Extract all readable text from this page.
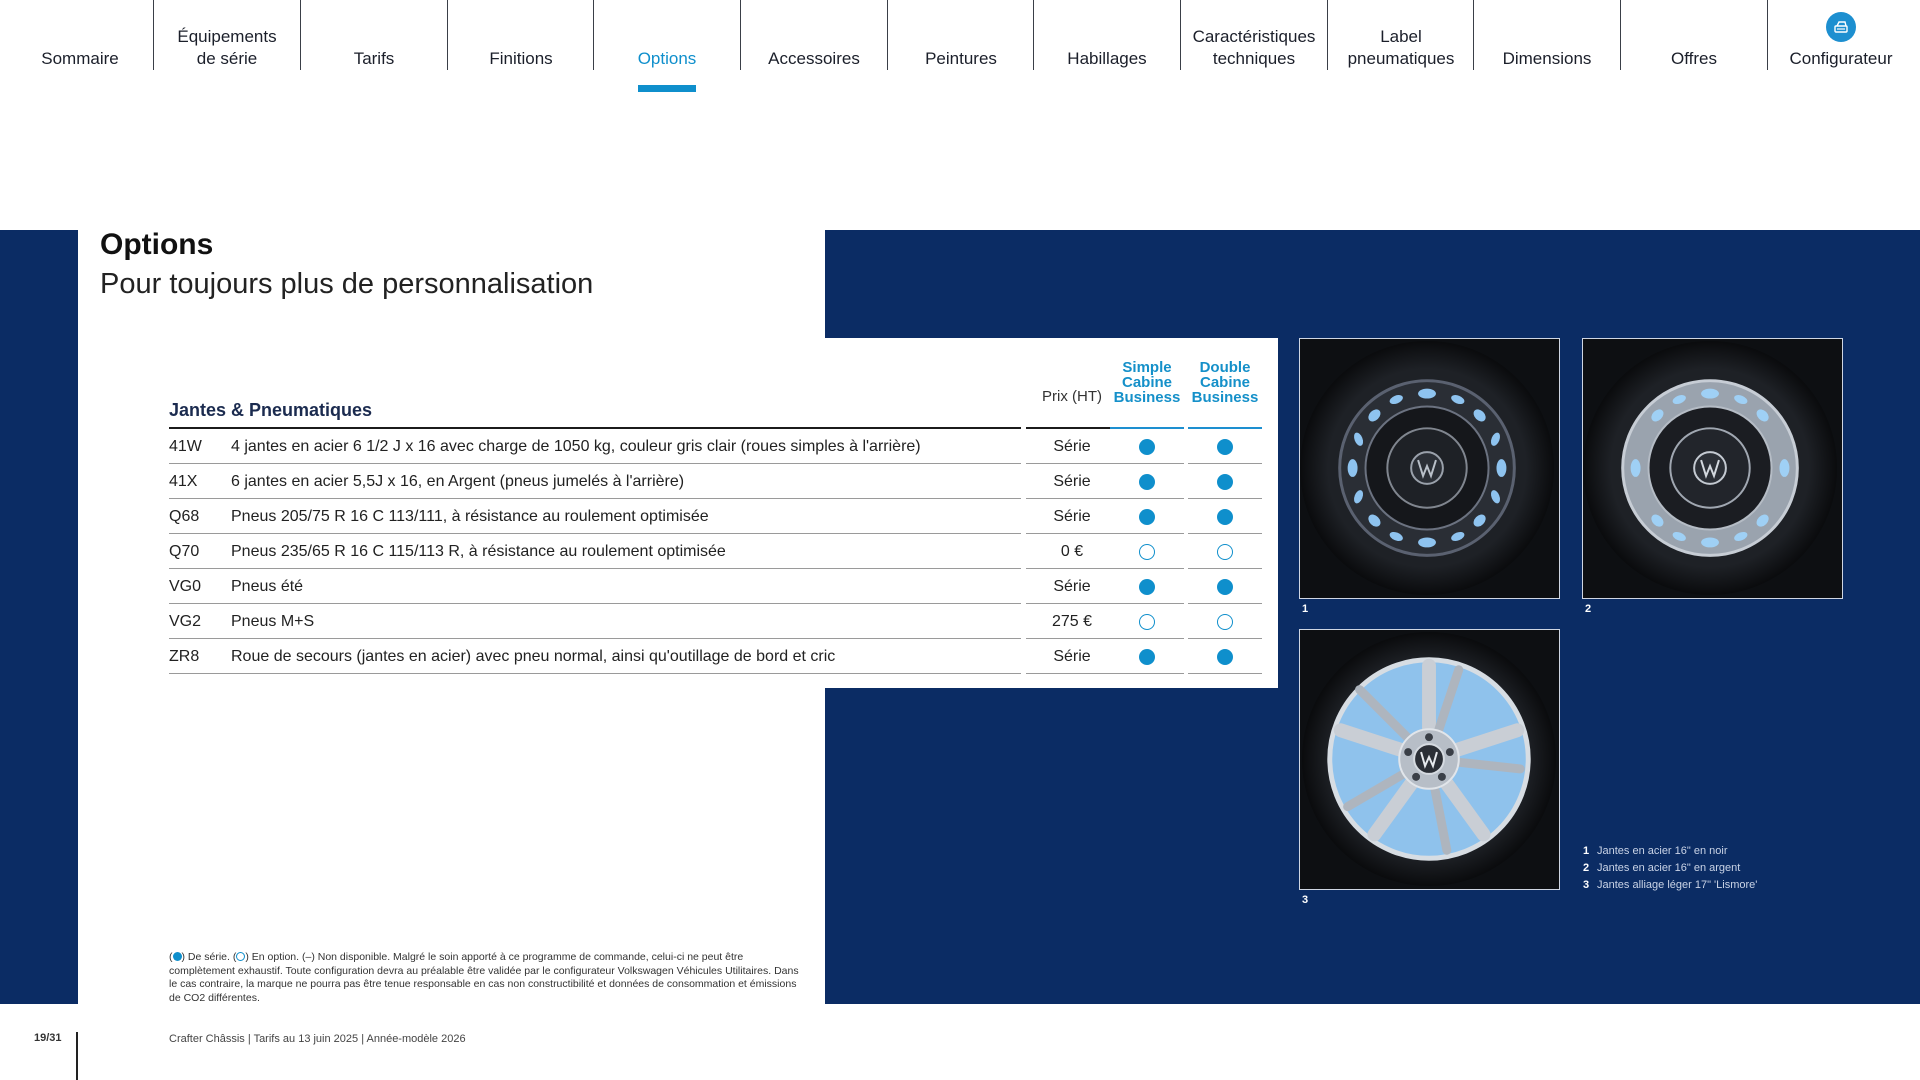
Sommaire
Équipements
de série	Tarifs	Finitions	Options	Accessoires	Peintures	Habillages
Caractéristiques
techniques
Label
pneumatiques	Dimensions	Offres	Configurateur
Options
Pour toujours plus de personnalisation
Jantes & Pneumatiques
Prix (HT)
Simple
Cabine
Business
Double
Cabine
Business
41W	4 jantes en acier 6 1/2 J x 16 avec charge de 1050 kg, couleur gris clair (roues simples à l'arrière)	Série
41X	6 jantes en acier 5,5J x 16, en Argent (pneus jumelés à l'arrière)	Série
Q68	Pneus 205/75 R 16 C 113/111, à résistance au roulement optimisée	Série
Q70	Pneus 235/65 R 16 C 115/113 R, à résistance au roulement optimisée	0 €
VG0	Pneus été	Série
VG2	Pneus M+S	275 €
ZR8	Roue de secours (jantes en acier) avec pneu normal, ainsi qu'outillage de bord et cric	Série
1	2
3
1 Jantes en acier 16" en noir
2 Jantes en acier 16" en argent
3 Jantes alliage léger 17" 'Lismore'
( ) De série. ( ) En option. (–) Non disponible. Malgré le soin apporté à ce programme de commande, celui-ci ne peut être complètement exhaustif. Toute configuration devra au préalable être validée par le configurateur Volkswagen Véhicules Utilitaires. Dans le cas contraire, la marque ne pourra pas être tenue responsable en cas non constructibilité et données de consommation et émissions de CO2 différentes.
19/31	Crafter Châssis | Tarifs au 13 juin 2025 | Année-modèle 2026
